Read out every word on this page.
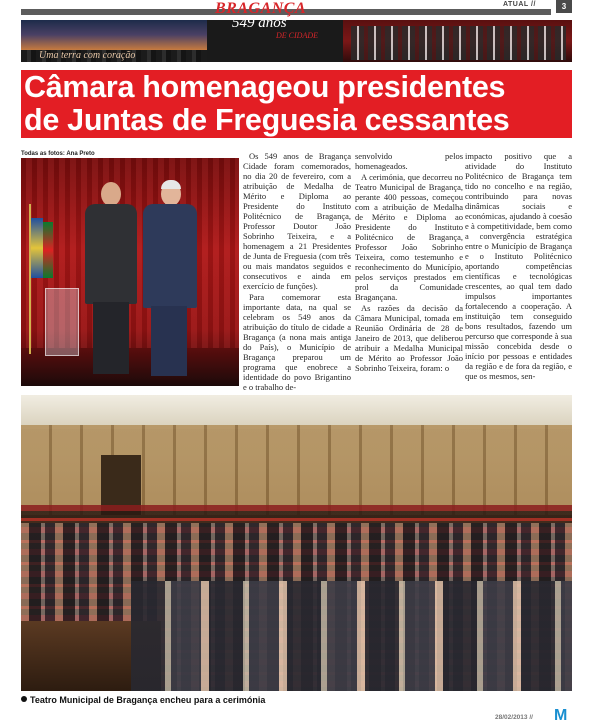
ATUAL //	3
Uma terra com coração
BRAGANÇA
549 anos
DE CIDADE
Câmara homenageou presidentes
de Juntas de Freguesia cessantes
Todas as fotos: Ana Preto	Os 549 anos de Bragança Cidade foram comemorados, no dia 20 de fevereiro, com a atribuição de Medalha de Mérito e Diploma ao Presidente do Instituto Politécnico de Bragança, Professor Doutor João Sobrinho Teixeira, e a homenagem a 21 Presidentes de Junta de Freguesia (com três ou mais mandatos seguidos e consecutivos e ainda em exercício de funções).

Para comemorar esta importante data, na qual se celebram os 549 anos da atribuição do título de cidade a Bragança (a nona mais antiga do País), o Município de Bragança preparou um programa que enobrece a identidade do povo Brigantino e o trabalho de-

senvolvido pelos homenageados.

A cerimónia, que decorreu no Teatro Municipal de Bragança, perante 400 pessoas, começou com a atribuição de Medalha de Mérito e Diploma ao Presidente do Instituto Politécnico de Bragança, Professor João Sobrinho Teixeira, como testemunho e reconhecimento do Município, pelos serviços prestados em prol da Comunidade Bragançana.

As razões da decisão da Câmara Municipal, tomada em Reunião Ordinária de 28 de Janeiro de 2013, que deliberou atribuir a Medalha Municipal de Mérito ao Professor João Sobrinho Teixeira, foram: o

impacto positivo que a atividade do Instituto Politécnico de Bragança tem tido no concelho e na região, contribuindo para novas dinâmicas sociais e económicas, ajudando à coesão e à competitividade, bem como a convergência estratégica entre o Município de Bragança e o Instituto Politécnico aportando competências científicas e tecnológicas crescentes, ao qual tem dado impulsos importantes fortalecendo a cooperação. A instituição tem conseguido bons resultados, fazendo um percurso que corresponde à sua missão concebida desde o início por pessoas e entidades da região e de fora da região, e que os mesmos, sen-

Teatro Municipal de Bragança encheu para a cerimónia
28/02/2013 // M
